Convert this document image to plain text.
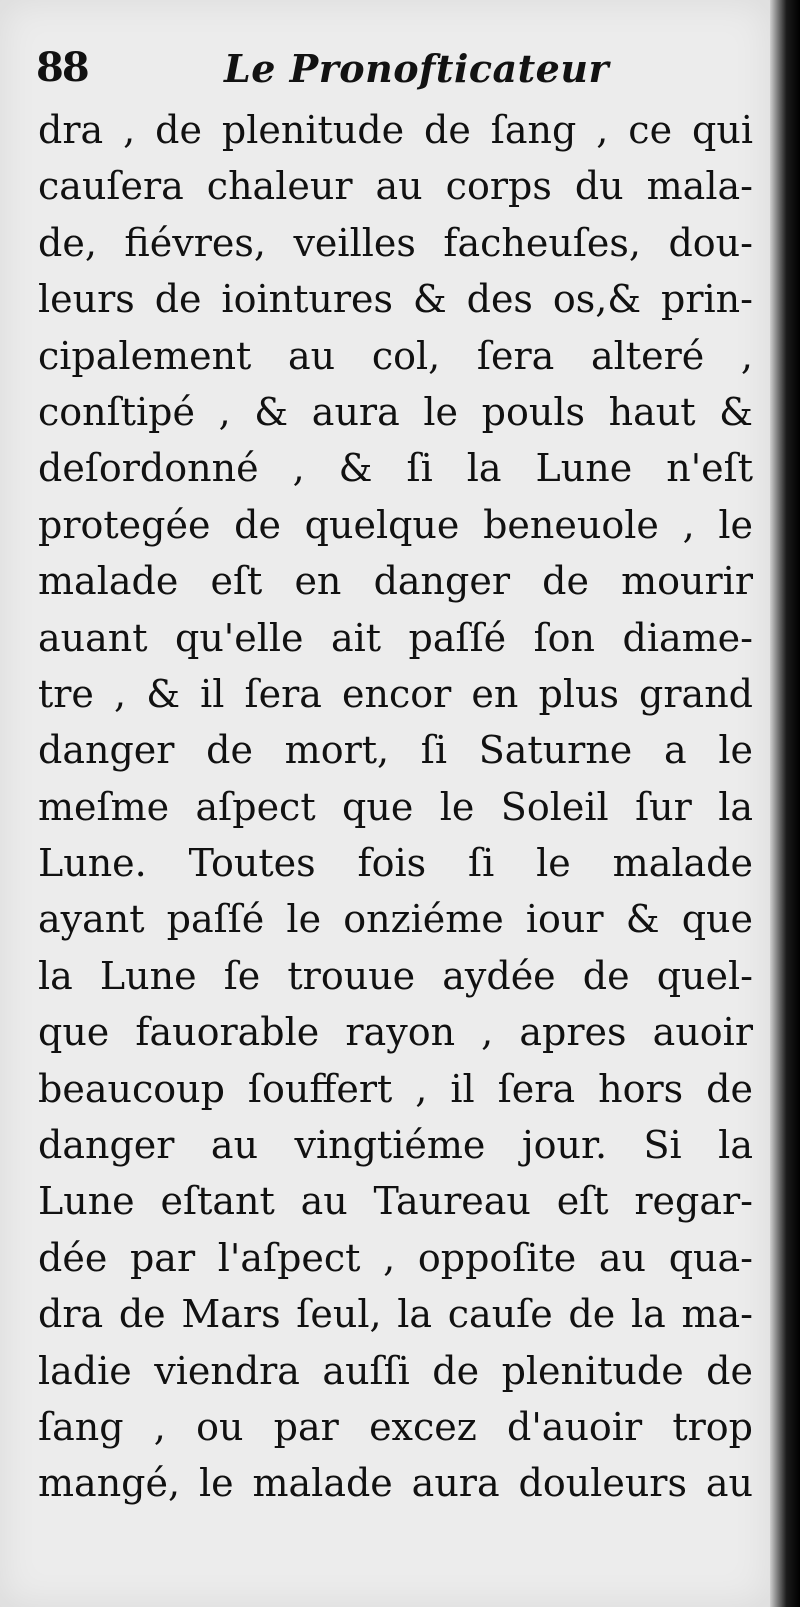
88	Le Pronofticateur
dra , de plenitude de ſang , ce qui
cauſera chaleur au corps du mala-
de, fiévres, veilles facheuſes, dou-
leurs de iointures & des os,& prin-
cipalement au col, ſera alteré ,
conſtipé , & aura le pouls haut &
deſordonné , & ſi la Lune n'eſt
protegée de quelque beneuole , le
malade eſt en danger de mourir
auant qu'elle ait paſſé ſon diame-
tre , & il ſera encor en plus grand
danger de mort, ſi Saturne a le
meſme aſpect que le Soleil ſur la
Lune. Toutes fois ſi le malade
ayant paſſé le onziéme iour & que
la Lune ſe trouue aydée de quel-
que fauorable rayon , apres auoir
beaucoup ſouffert , il ſera hors de
danger au vingtiéme jour. Si la
Lune eſtant au Taureau eſt regar-
dée par l'aſpect , oppoſite au qua-
dra de Mars ſeul, la cauſe de la ma-
ladie viendra auſſi de plenitude de
ſang , ou par excez d'auoir trop
mangé, le malade aura douleurs au
